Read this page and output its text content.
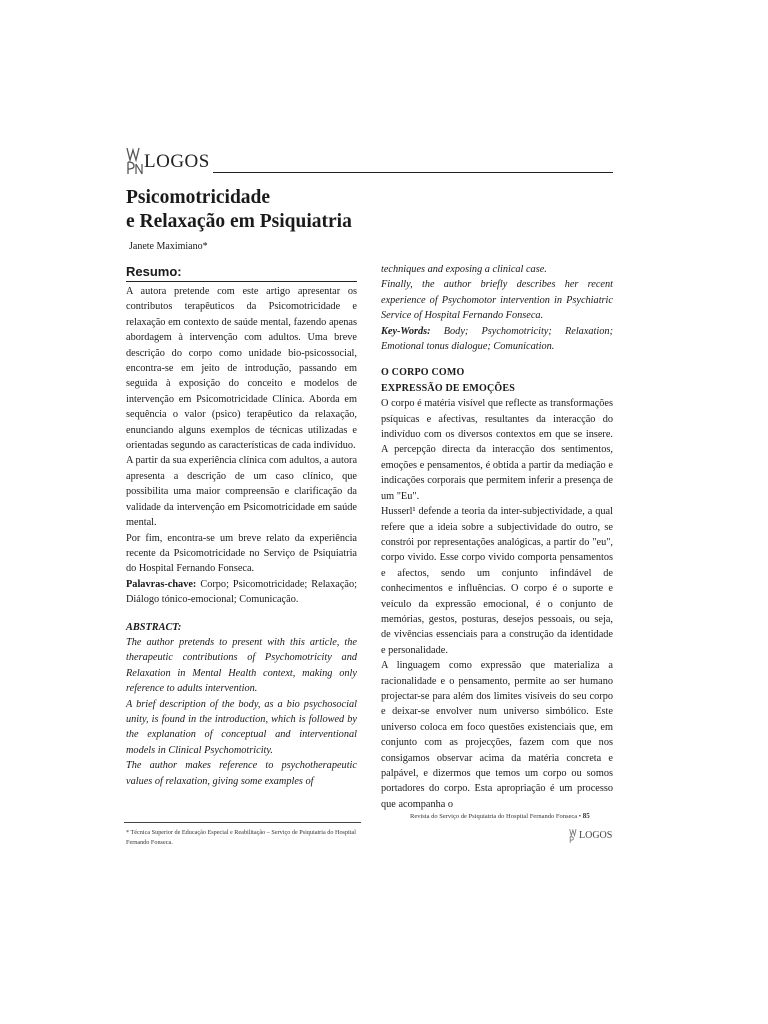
LOGOS
Psicomotricidade
e Relaxação em Psiquiatria
Janete Maximiano*
Resumo:

A autora pretende com este artigo apresentar os contributos terapêuticos da Psicomotricidade e relaxação em contexto de saúde mental, fazendo apenas abordagem à intervenção com adultos. Uma breve descrição do corpo como unidade bio-psicossocial, encontra-se em jeito de introdução, passando em seguida à exposição do conceito e modelos de intervenção em Psicomotricidade Clínica. Aborda em sequência o valor (psico) terapêutico da relaxação, enunciando alguns exemplos de técnicas utilizadas e orientadas segundo as características de cada indivíduo.

A partir da sua experiência clínica com adultos, a autora apresenta a descrição de um caso clínico, que possibilita uma maior compreensão e clarificação da validade da intervenção em Psicomotricidade em saúde mental.

Por fim, encontra-se um breve relato da experiência recente da Psicomotricidade no Serviço de Psiquiatria do Hospital Fernando Fonseca.

Palavras-chave: Corpo; Psicomotricidade; Relaxação; Diálogo tónico-emocional; Comunicação.

ABSTRACT:

The author pretends to present with this article, the therapeutic contributions of Psychomotricity and Relaxation in Mental Health context, making only reference to adults intervention.

A brief description of the body, as a bio psychosocial unity, is found in the introduction, which is followed by the explanation of conceptual and interventional models in Clinical Psychomotricity.

The author makes reference to psychotherapeutic values of relaxation, giving some examples of

techniques and exposing a clinical case.

Finally, the author briefly describes her recent experience of Psychomotor intervention in Psychiatric Service of Hospital Fernando Fonseca.

Key-Words: Body; Psychomotricity; Relaxation; Emotional tonus dialogue; Comunication.

O CORPO COMO
EXPRESSÃO DE EMOÇÕES

O corpo é matéria visível que reflecte as transformações psíquicas e afectivas, resultantes da interacção do indivíduo com os diversos contextos em que se insere. A percepção directa da interacção dos sentimentos, emoções e pensamentos, é obtida a partir da mediação e indicações corporais que permitem inferir a presença de um "Eu".

Husserl¹ defende a teoria da inter-subjectividade, a qual refere que a ideia sobre a subjectividade do outro, se constrói por representações analógicas, a partir do "eu", corpo vivido. Esse corpo vivido comporta pensamentos e afectos, sendo um conjunto infindável de conhecimentos e influências. O corpo é o suporte e veículo da expressão emocional, é o conjunto de memórias, gestos, posturas, desejos pessoais, ou seja, de vivências essenciais para a construção da identidade e personalidade.

A linguagem como expressão que materializa a racionalidade e o pensamento, permite ao ser humano projectar-se para além dos limites visíveis do seu corpo e deixar-se envolver num universo simbólico. Este universo coloca em foco questões existenciais que, em conjunto com as projecções, fazem com que nos consigamos observar acima da matéria concreta e palpável, e dizermos que temos um corpo ou somos portadores do corpo. Esta apropriação é um processo que acompanha o

Revista do Serviço de Psiquiatria do Hospital Fernando Fonseca • 85
LOGOS
* Técnica Superior de Educação Especial e Reabilitação – Serviço de Psiquiatria do Hospital Fernando Fonseca.
